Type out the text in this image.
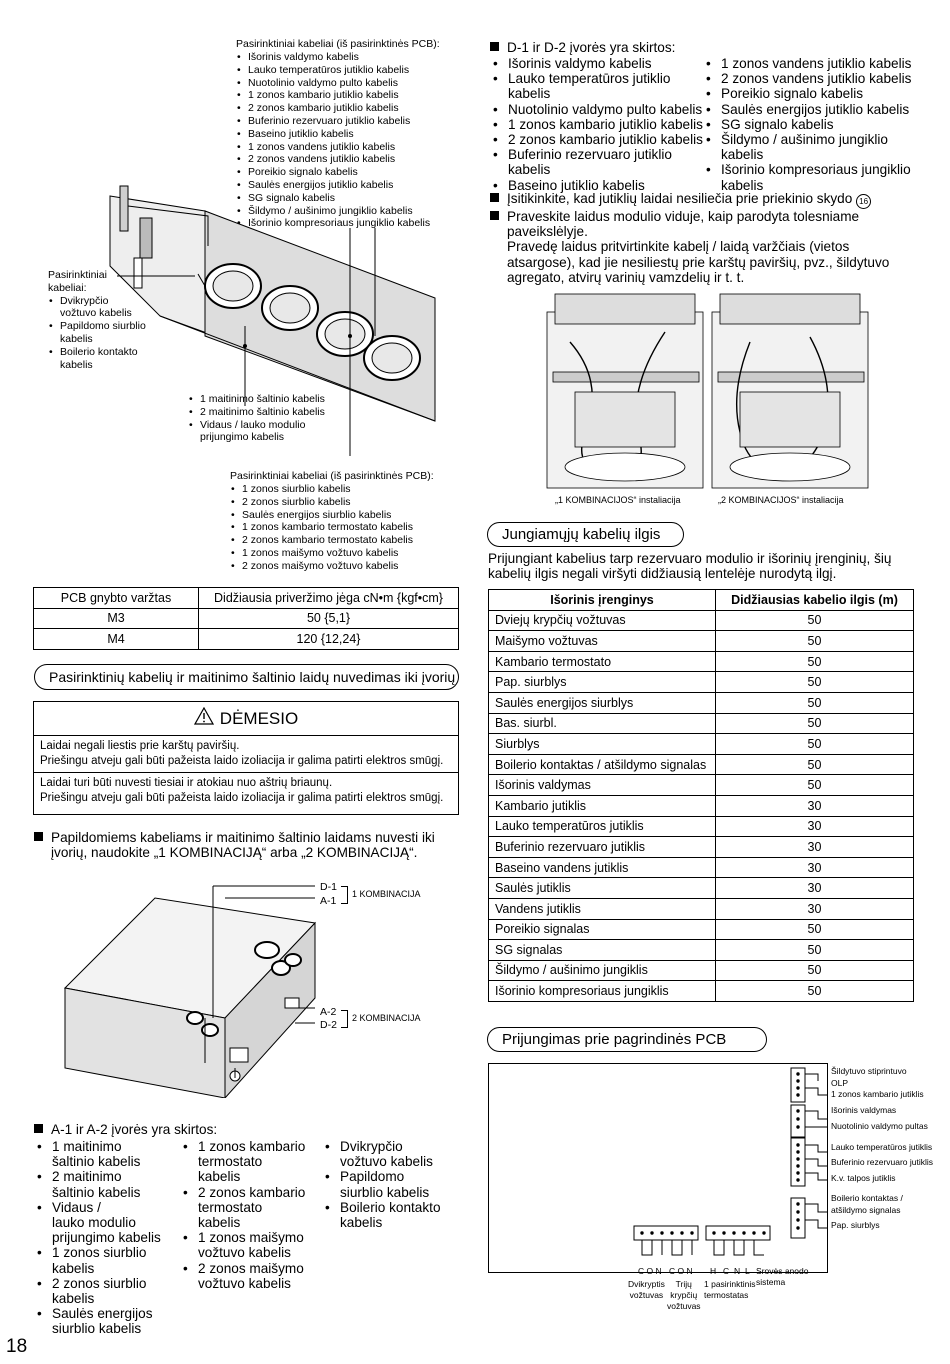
Pasirinktiniai kabeliai (iš pasirinktinės PCB):
• Išorinis valdymo kabelis
• Lauko temperatūros jutiklio kabelis
• Nuotolinio valdymo pulto kabelis
• 1 zonos kambario jutiklio kabelis
• 2 zonos kambario jutiklio kabelis
• Buferinio rezervuaro jutiklio kabelis
• Baseino jutiklio kabelis
• 1 zonos vandens jutiklio kabelis
• 2 zonos vandens jutiklio kabelis
• Poreikio signalo kabelis
• Saulės energijos jutiklio kabelis
• SG signalo kabelis
• Šildymo / aušinimo jungiklio kabelis
• Išorinio kompresoriaus jungiklio kabelis
Pasirinktiniai
kabeliai:
• Dvikrypčio
vožtuvo kabelis
• Papildomo siurblio
kabelis
• Boilerio kontakto
kabelis
• 1 maitinimo šaltinio kabelis
• 2 maitinimo šaltinio kabelis
• Vidaus / lauko modulio
prijungimo kabelis
Pasirinktiniai kabeliai (iš pasirinktinės PCB):
• 1 zonos siurblio kabelis
• 2 zonos siurblio kabelis
• Saulės energijos siurblio kabelis
• 1 zonos kambario termostato kabelis
• 2 zonos kambario termostato kabelis
• 1 zonos maišymo vožtuvo kabelis
• 2 zonos maišymo vožtuvo kabelis
PCB gnybto varžtas	Didžiausia priveržimo jėga cN•m {kgf•cm}
M3	50 {5,1}
M4	120 {12,24}
Pasirinktinių kabelių ir maitinimo šaltinio laidų nuvedimas iki įvorių
DĖMESIO
Laidai negali liestis prie karštų paviršių.
Priešingu atveju gali būti pažeista laido izoliacija ir galima patirti elektros smūgį.
Laidai turi būti nuvesti tiesiai ir atokiau nuo aštrių briaunų.
Priešingu atveju gali būti pažeista laido izoliacija ir galima patirti elektros smūgį.
Papildomiems kabeliams ir maitinimo šaltinio laidams nuvesti iki
įvorių, naudokite „1 KOMBINACIJĄ“ arba „2 KOMBINACIJĄ“.
D-1
A-1
1 KOMBINACIJA
A-2
D-2
2 KOMBINACIJA
A-1 ir A-2 įvorės yra skirtos:
• 1 maitinimo
šaltinio kabelis
• 2 maitinimo
šaltinio kabelis
• Vidaus /
lauko modulio
prijungimo kabelis
• 1 zonos siurblio
kabelis
• 2 zonos siurblio
kabelis
• Saulės energijos
siurblio kabelis
• 1 zonos kambario
termostato
kabelis
• 2 zonos kambario
termostato
kabelis
• 1 zonos maišymo
vožtuvo kabelis
• 2 zonos maišymo
vožtuvo kabelis
• Dvikrypčio
vožtuvo kabelis
• Papildomo
siurblio kabelis
• Boilerio kontakto
kabelis
18
D-1 ir D-2 įvorės yra skirtos:
• Išorinis valdymo kabelis
• Lauko temperatūros jutiklio
kabelis
• Nuotolinio valdymo pulto kabelis
• 1 zonos kambario jutiklio kabelis
• 2 zonos kambario jutiklio kabelis
• Buferinio rezervuaro jutiklio
kabelis
• Baseino jutiklio kabelis
• 1 zonos vandens jutiklio kabelis
• 2 zonos vandens jutiklio kabelis
• Poreikio signalo kabelis
• Saulės energijos jutiklio kabelis
• SG signalo kabelis
• Šildymo / aušinimo jungiklio
kabelis
• Išorinio kompresoriaus jungiklio
kabelis
Įsitikinkite, kad jutiklių laidai nesiliečia prie priekinio skydo 16
Praveskite laidus modulio viduje, kaip parodyta tolesniame
paveikslėlyje.
Pravedę laidus pritvirtinkite kabelį / laidą varžčiais (vietos
atsargose), kad jie nesiliestų prie karštų paviršių, pvz., šildytuvo
agregato, atvirų varinių vamzdelių ir t. t.
„1 KOMBINACIJOS“ instaliacija	„2 KOMBINACIJOS“ instaliacija
Jungiamųjų kabelių ilgis
Prijungiant kabelius tarp rezervuaro modulio ir išorinių įrenginių, šių
kabelių ilgis negali viršyti didžiausią lentelėje nurodytą ilgį.
Išorinis įrenginys	Didžiausias kabelio ilgis (m)
Dviejų krypčių vožtuvas	50
Maišymo vožtuvas	50
Kambario termostato	50
Pap. siurblys	50
Saulės energijos siurblys	50
Bas. siurbl.	50
Siurblys	50
Boilerio kontaktas / atšildymo signalas	50
Išorinis valdymas	50
Kambario jutiklis	30
Lauko temperatūros jutiklis	30
Buferinio rezervuaro jutiklis	30
Baseino vandens jutiklis	30
Saulės jutiklis	30
Vandens jutiklis	30
Poreikio signalas	50
SG signalas	50
Šildymo / aušinimo jungiklis	50
Išorinio kompresoriaus jungiklis	50
Prijungimas prie pagrindinės PCB
Šildytuvo stiprintuvo
OLP
1 zonos kambario jutiklis
Išorinis valdymas
Nuotolinio valdymo pultas
Lauko temperatūros jutiklis
Buferinio rezervuaro jutiklis
K.v. talpos jutiklis
Boilerio kontaktas /
atšildymo signalas
Pap. siurblys
C O N C O N H C N L
Dvikryptis
vožtuvas
Trijų
krypčių
vožtuvas
1 pasirinktinis
termostatas
Srovės anodo
sistema
